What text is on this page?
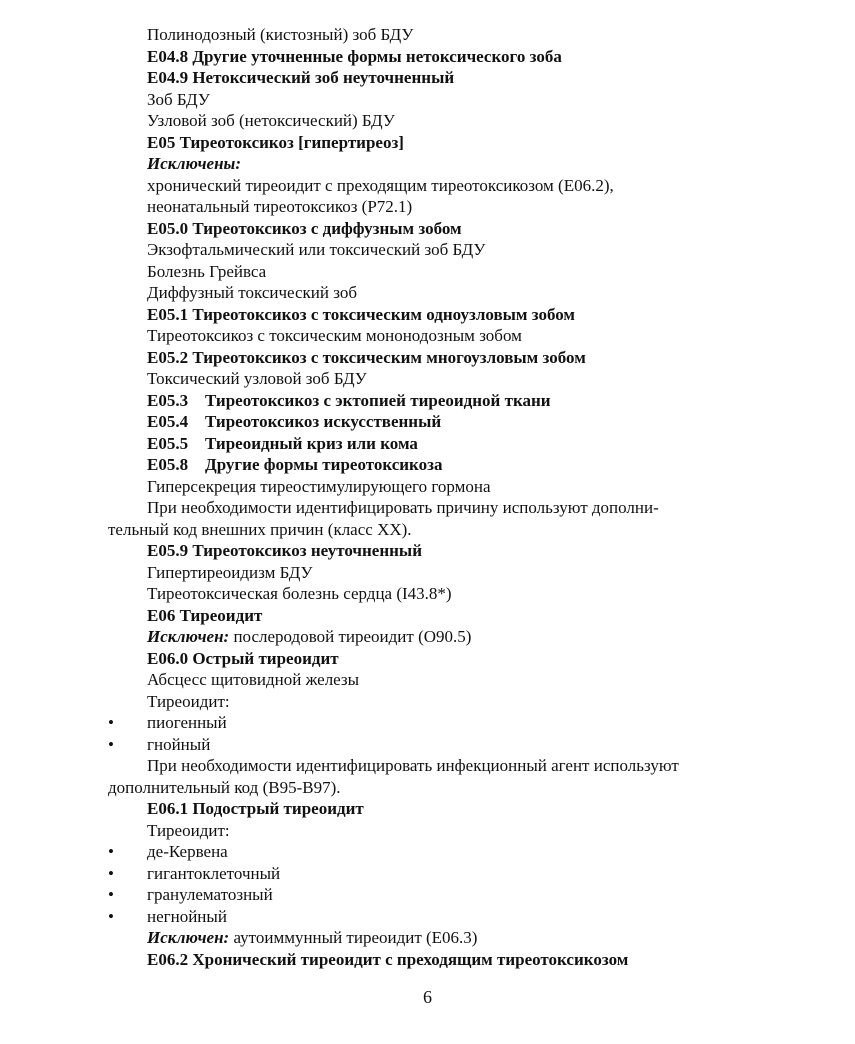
Полинодозный (кистозный) зоб БДУ
E04.8 Другие уточненные формы нетоксического зоба
E04.9 Нетоксический зоб неуточненный
Зоб БДУ
Узловой зоб (нетоксический) БДУ
E05 Тиреотоксикоз [гипертиреоз]
Исключены:
хронический тиреоидит с преходящим тиреотоксикозом (E06.2),
неонатальный тиреотоксикоз (P72.1)
E05.0 Тиреотоксикоз с диффузным зобом
Экзофтальмический или токсический зоб БДУ
Болезнь Грейвса
Диффузный токсический зоб
E05.1 Тиреотоксикоз с токсическим одноузловым зобом
Тиреотоксикоз с токсическим мононодозным зобом
E05.2 Тиреотоксикоз с токсическим многоузловым зобом
Токсический узловой зоб БДУ
E05.3 Тиреотоксикоз с эктопией тиреоидной ткани
E05.4 Тиреотоксикоз искусственный
E05.5 Тиреоидный криз или кома
E05.8 Другие формы тиреотоксикоза
Гиперсекреция тиреостимулирующего гормона
При необходимости идентифицировать причину используют дополни-
тельный код внешних причин (класс XX).
E05.9 Тиреотоксикоз неуточненный
Гипертиреоидизм БДУ
Тиреотоксическая болезнь сердца (I43.8*)
E06 Тиреоидит
Исключен: послеродовой тиреоидит (O90.5)
E06.0 Острый тиреоидит
Абсцесс щитовидной железы
Тиреоидит:
• пиогенный
• гнойный
При необходимости идентифицировать инфекционный агент используют
дополнительный код (B95-B97).
E06.1 Подострый тиреоидит
Тиреоидит:
• де-Кервена
• гигантоклеточный
• гранулематозный
• негнойный
Исключен: аутоиммунный тиреоидит (E06.3)
E06.2 Хронический тиреоидит с преходящим тиреотоксикозом
6
